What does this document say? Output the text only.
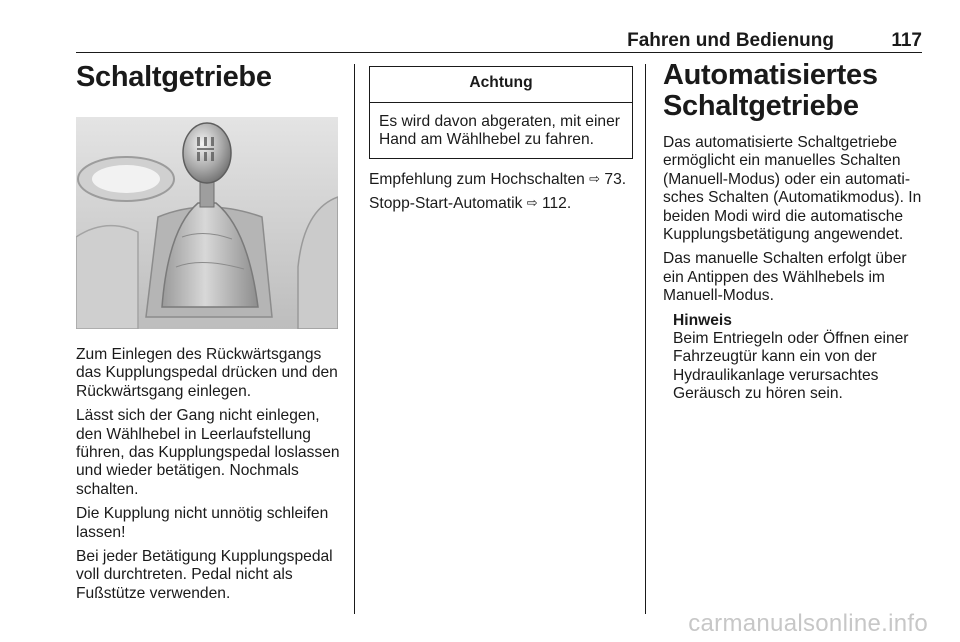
Fahren und Bedienung	117
Schaltgetriebe

Zum Einlegen des Rückwärtsgangs das Kupplungspedal drücken und den Rückwärtsgang einlegen.

Lässt sich der Gang nicht einlegen, den Wählhebel in Leerlaufstellung führen, das Kupplungspedal loslassen und wieder betätigen. Nochmals schalten.

Die Kupplung nicht unnötig schleifen lassen!

Bei jeder Betätigung Kupplungspedal voll durchtreten. Pedal nicht als Fußstütze verwenden.

Achtung

Es wird davon abgeraten, mit einer Hand am Wählhebel zu fahren.

Empfehlung zum Hochschalten ⇨ 73.

Stopp-Start-Automatik ⇨ 112.

Automatisiertes Schaltgetriebe

Das automatisierte Schaltgetriebe ermöglicht ein manuelles Schalten (Manuell-Modus) oder ein automatisches Schalten (Automatikmodus). In beiden Modi wird die automatische Kupplungsbetätigung angewendet.

Das manuelle Schalten erfolgt über ein Antippen des Wählhebels im Manuell-Modus.

Hinweis

Beim Entriegeln oder Öffnen einer Fahrzeugtür kann ein von der Hydraulikanlage verursachtes Geräusch zu hören sein.

carmanualsonline.info
